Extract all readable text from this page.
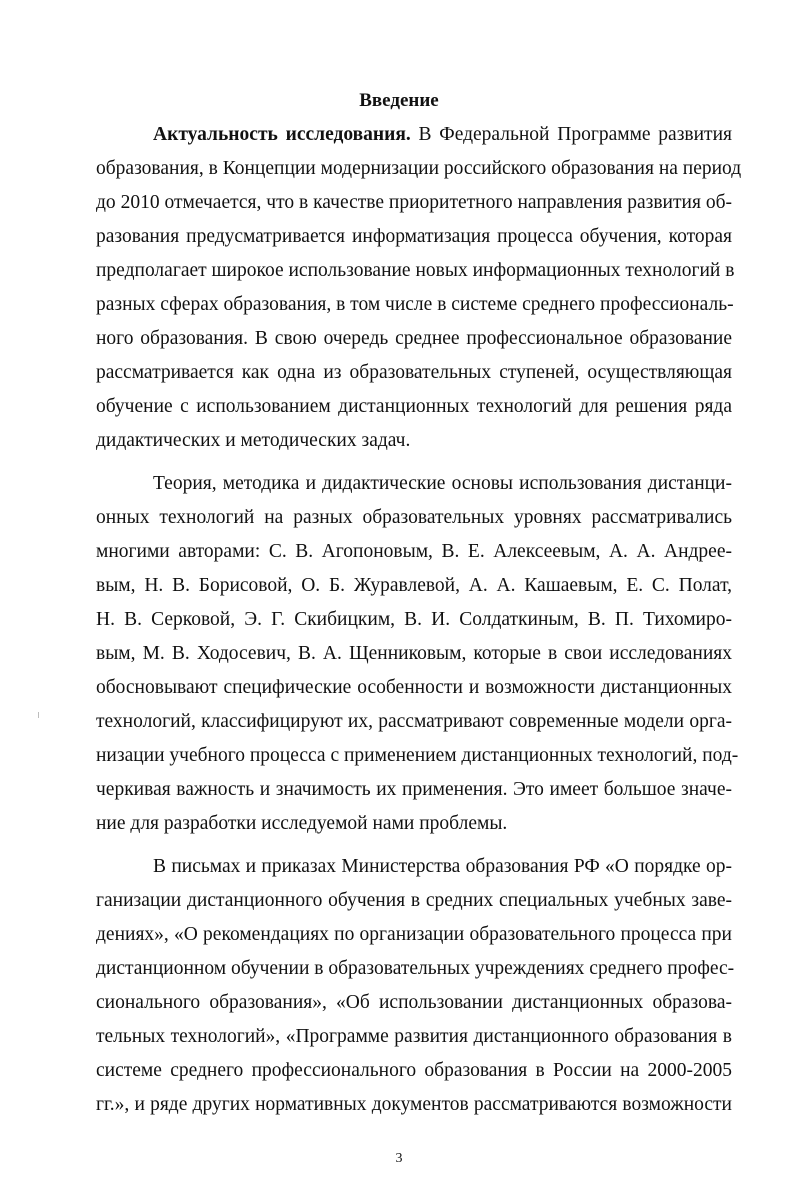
Введение
Актуальность исследования. В Федеральной Программе развития
образования, в Концепции модернизации российского образования на период
до 2010 отмечается, что в качестве приоритетного направления развития об-
разования предусматривается информатизация процесса обучения, которая
предполагает широкое использование новых информационных технологий в
разных сферах образования, в том числе в системе среднего профессиональ-
ного образования. В свою очередь среднее профессиональное образование
рассматривается как одна из образовательных ступеней, осуществляющая
обучение с использованием дистанционных технологий для решения ряда
дидактических и методических задач.
Теория, методика и дидактические основы использования дистанци-
онных технологий на разных образовательных уровнях рассматривались
многими авторами: С. В. Агопоновым, В. Е. Алексеевым, А. А. Андрее-
вым, Н. В. Борисовой, О. Б. Журавлевой, А. А. Кашаевым, Е. С. Полат,
Н. В. Серковой, Э. Г. Скибицким, В. И. Солдаткиным, В. П. Тихомиро-
вым, М. В. Ходосевич, В. А. Щенниковым, которые в свои исследованиях
обосновывают специфические особенности и возможности дистанционных
технологий, классифицируют их, рассматривают современные модели орга-
низации учебного процесса с применением дистанционных технологий, под-
черкивая важность и значимость их применения. Это имеет большое значе-
ние для разработки исследуемой нами проблемы.
В письмах и приказах Министерства образования РФ «О порядке ор-
ганизации дистанционного обучения в средних специальных учебных заве-
дениях», «О рекомендациях по организации образовательного процесса при
дистанционном обучении в образовательных учреждениях среднего профес-
сионального образования», «Об использовании дистанционных образова-
тельных технологий», «Программе развития дистанционного образования в
системе среднего профессионального образования в России на 2000-2005
гг.», и ряде других нормативных документов рассматриваются возможности
3
